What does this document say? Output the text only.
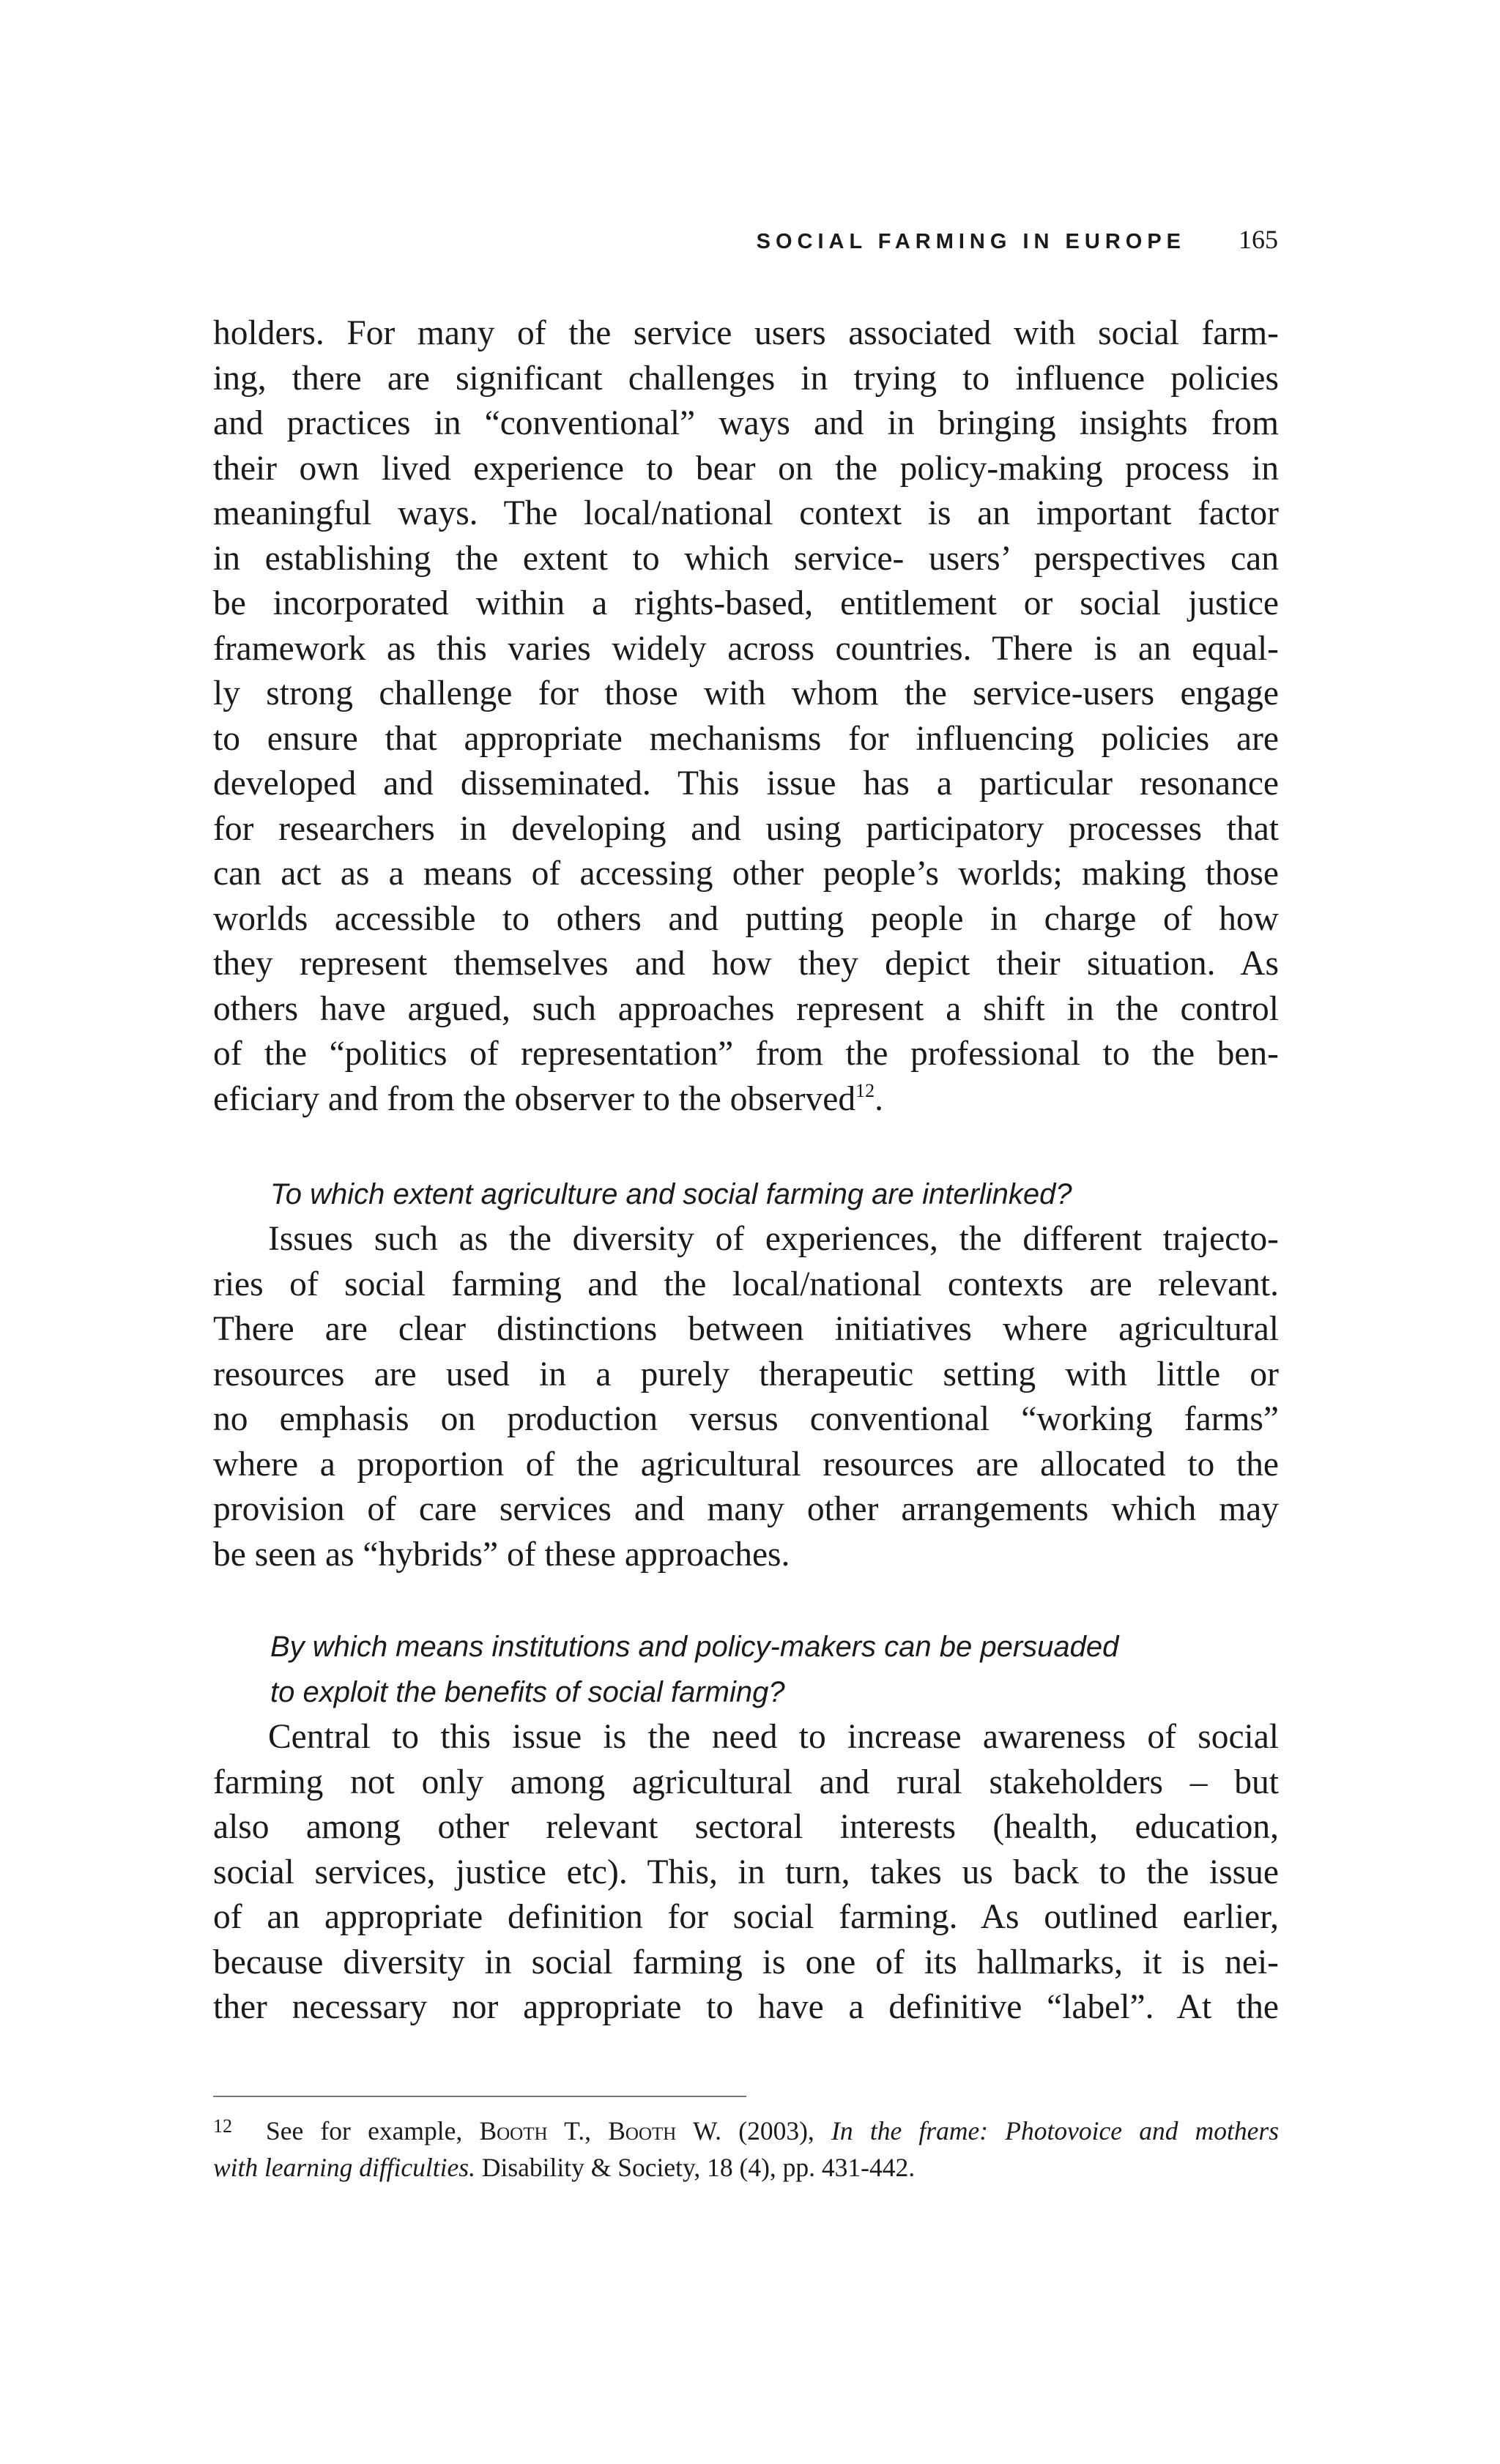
SOCIAL FARMING IN EUROPE 165
holders. For many of the service users associated with social farm-
ing, there are significant challenges in trying to influence policies
and practices in “conventional” ways and in bringing insights from
their own lived experience to bear on the policy-making process in
meaningful ways. The local/national context is an important factor
in establishing the extent to which service- users’ perspectives can
be incorporated within a rights-based, entitlement or social justice
framework as this varies widely across countries. There is an equal-
ly strong challenge for those with whom the service-users engage
to ensure that appropriate mechanisms for influencing policies are
developed and disseminated. This issue has a particular resonance
for researchers in developing and using participatory processes that
can act as a means of accessing other people’s worlds; making those
worlds accessible to others and putting people in charge of how
they represent themselves and how they depict their situation. As
others have argued, such approaches represent a shift in the control
of the “politics of representation” from the professional to the ben-
eficiary and from the observer to the observed$^{12}$.
To which extent agriculture and social farming are interlinked?
Issues such as the diversity of experiences, the different trajecto-
ries of social farming and the local/national contexts are relevant.
There are clear distinctions between initiatives where agricultural
resources are used in a purely therapeutic setting with little or
no emphasis on production versus conventional “working farms”
where a proportion of the agricultural resources are allocated to the
provision of care services and many other arrangements which may
be seen as “hybrids” of these approaches.
By which means institutions and policy-makers can be persuaded
to exploit the benefits of social farming?
Central to this issue is the need to increase awareness of social
farming not only among agricultural and rural stakeholders – but
also among other relevant sectoral interests (health, education,
social services, justice etc). This, in turn, takes us back to the issue
of an appropriate definition for social farming. As outlined earlier,
because diversity in social farming is one of its hallmarks, it is nei-
ther necessary nor appropriate to have a definitive “label”. At the
12 See for example, Booth T., Booth W. (2003), In the frame: Photovoice and mothers
with learning difficulties. Disability & Society, 18 (4), pp. 431-442.
